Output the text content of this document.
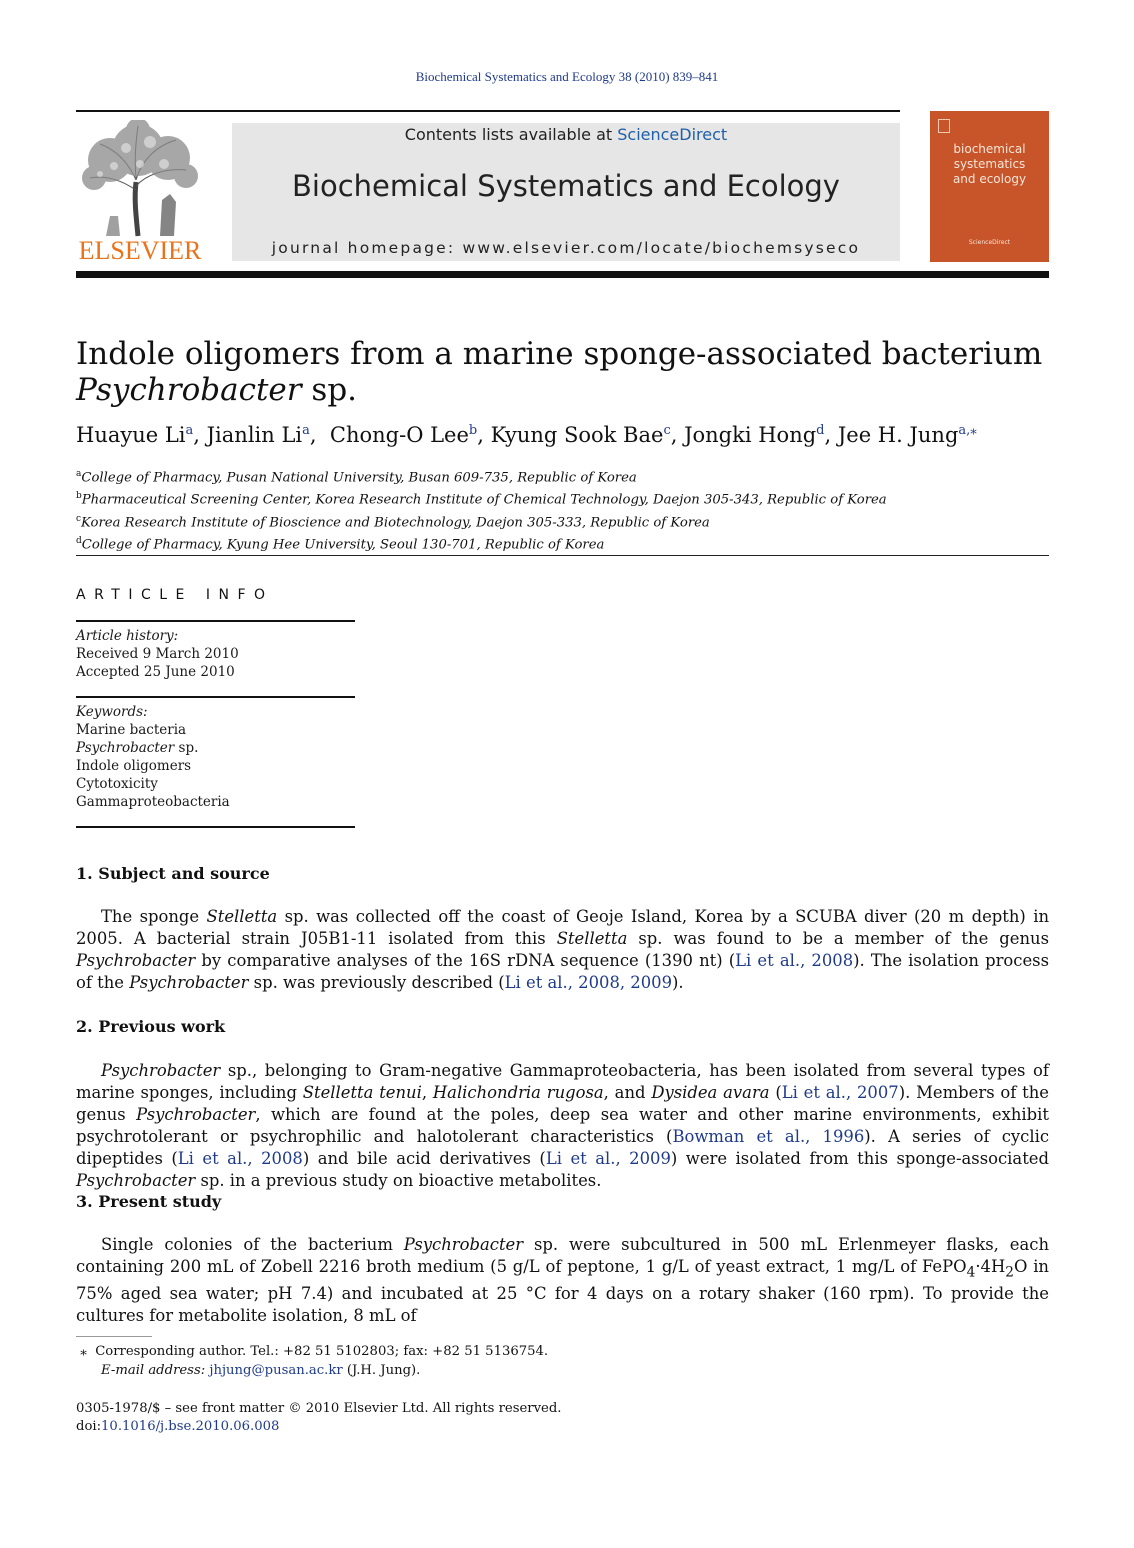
Biochemical Systematics and Ecology 38 (2010) 839–841
ELSEVIER
Contents lists available at ScienceDirect
Biochemical Systematics and Ecology
journal homepage: www.elsevier.com/locate/biochemsyseco
biochemical
systematics
and ecology
ScienceDirect
Indole oligomers from a marine sponge-associated bacterium
Psychrobacter sp.
Huayue Li$^a$, Jianlin Li$^a$,  Chong-O Lee$^b$, Kyung Sook Bae$^c$, Jongki Hong$^d$, Jee H. Jung$^{a,⁎}$
$^a$College of Pharmacy, Pusan National University, Busan 609-735, Republic of Korea
$^b$Pharmaceutical Screening Center, Korea Research Institute of Chemical Technology, Daejon 305-343, Republic of Korea
$^c$Korea Research Institute of Bioscience and Biotechnology, Daejon 305-333, Republic of Korea
$^d$College of Pharmacy, Kyung Hee University, Seoul 130-701, Republic of Korea
ARTICLE INFO
Article history:
Received 9 March 2010
Accepted 25 June 2010
Keywords:
Marine bacteria
Psychrobacter sp.
Indole oligomers
Cytotoxicity
Gammaproteobacteria
1. Subject and source
The sponge Stelletta sp. was collected off the coast of Geoje Island, Korea by a SCUBA diver (20 m depth) in 2005. A bacterial strain J05B1-11 isolated from this Stelletta sp. was found to be a member of the genus Psychrobacter by comparative analyses of the 16S rDNA sequence (1390 nt) (Li et al., 2008). The isolation process of the Psychrobacter sp. was previously described (Li et al., 2008, 2009).
2. Previous work
Psychrobacter sp., belonging to Gram-negative Gammaproteobacteria, has been isolated from several types of marine sponges, including Stelletta tenui, Halichondria rugosa, and Dysidea avara (Li et al., 2007). Members of the genus Psychrobacter, which are found at the poles, deep sea water and other marine environments, exhibit psychrotolerant or psychrophilic and halotolerant characteristics (Bowman et al., 1996). A series of cyclic dipeptides (Li et al., 2008) and bile acid derivatives (Li et al., 2009) were isolated from this sponge-associated Psychrobacter sp. in a previous study on bioactive metabolites.
3. Present study
Single colonies of the bacterium Psychrobacter sp. were subcultured in 500 mL Erlenmeyer flasks, each containing 200 mL of Zobell 2216 broth medium (5 g/L of peptone, 1 g/L of yeast extract, 1 mg/L of $FePO_4\cdot 4H_2O$ in 75% aged sea water; pH 7.4) and incubated at 25 °C for 4 days on a rotary shaker (160 rpm). To provide the cultures for metabolite isolation, 8 mL of
⁎ Corresponding author. Tel.: +82 51 5102803; fax: +82 51 5136754.
E-mail address: jhjung@pusan.ac.kr (J.H. Jung).
0305-1978/$ – see front matter © 2010 Elsevier Ltd. All rights reserved.
doi:10.1016/j.bse.2010.06.008
